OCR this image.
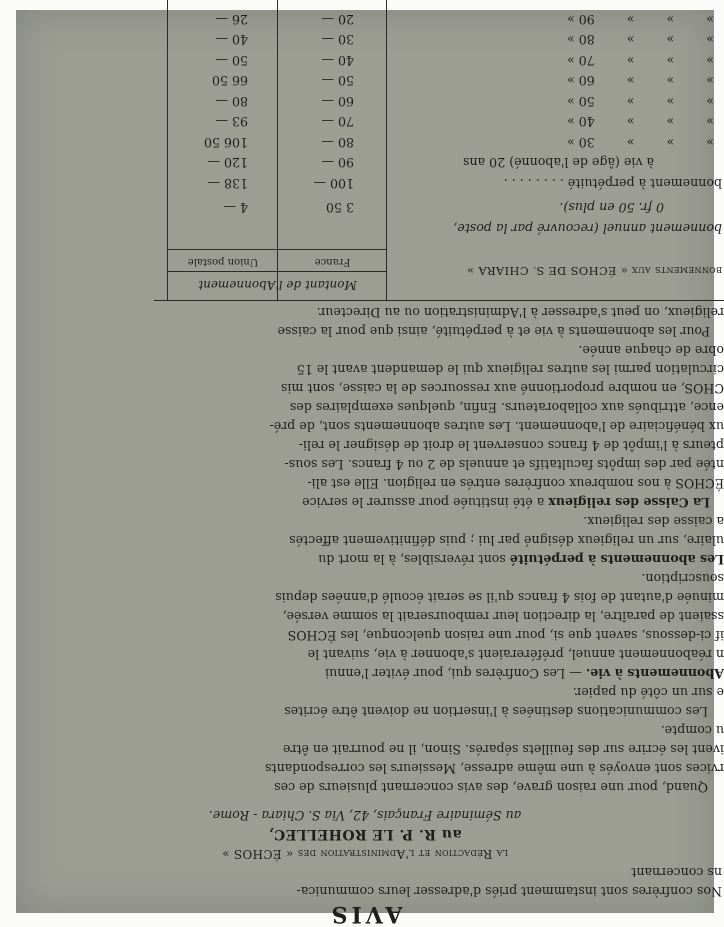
AVIS
Nos confrères sont instamment priés d'adresser leurs communica-
ns concernant
la Rédaction et l'Administration des « ÉCHOS »
au R. P. LE ROHELLEC,
au Séminaire Français, 42, Via S. Chiara - Rome.
Quand, pour une raison grave, des avis concernant plusieurs de ces
rvices sont envoyés à une même adresse, Messieurs les correspondants
ivent les écrire sur des feuillets séparés. Sinon, il ne pourrait en être
u compte.
Les communications destinées à l'insertion ne doivent être écrites
e sur un côté du papier.
Abonnements à vie. — Les Confrères qui, pour éviter l'ennui
n réabonnement annuel, préféreraient s'abonner à vie, suivant le
if ci-dessous, savent que si, pour une raison quelconque, les ÉCHOS
ssaient de paraître, la direction leur rembourserait la somme versée,
minuée d'autant de fois 4 francs qu'il se serait écoulé d'années depuis
souscription.
Les abonnements à perpétuité sont réversibles, à la mort du
ulaire, sur un religieux désigné par lui ; puis définitivement affectés
a caisse des religieux.
La Caisse des religieux a été instituée pour assurer le service
ÉCHOS à nos nombreux confrères entrés en religion. Elle est ali-
ntée par des impôts facultatifs et annuels de 2 ou 4 francs. Les sous-
pteurs à l'impôt de 4 francs conservent le droit de désigner le reli-
ux bénéficiaire de l'abonnement. Les autres abonnements sont, de pré-
ence, attribués aux collaborateurs. Enfin, quelques exemplaires des
CHOS, en nombre proportionné aux ressources de la caisse, sont mis
circulation parmi les autres religieux qui le demandent avant le 15
obre de chaque année.
Pour les abonnements à vie et à perpétuité, ainsi que pour la caisse
religieux, on peut s'adresser à l'Administration ou au Directeur.
bonnements aux « ÉCHOS DE S. CHIARA »
Montant de l'Abonnement
France
Union postale
bonnement annuel (recouvré par la poste,
0 fr. 50 en plus).
3 50
4 —
bonnement à perpétuité . . . . . . . .
100 —
138 —
à vie (âge de l'abonné) 20 ans
90 —
120 —
»        »        »        30 »
80 —
106 50
»        »        »        40 »
70 —
93 —
»        »        »        50 »
60 —
80 —
»        »        »        60 »
50 —
66 50
»        »        »        70 »
40 —
50 —
»        »        »        80 »
30 —
40 —
»        »        »        90 »
20 —
26 —
